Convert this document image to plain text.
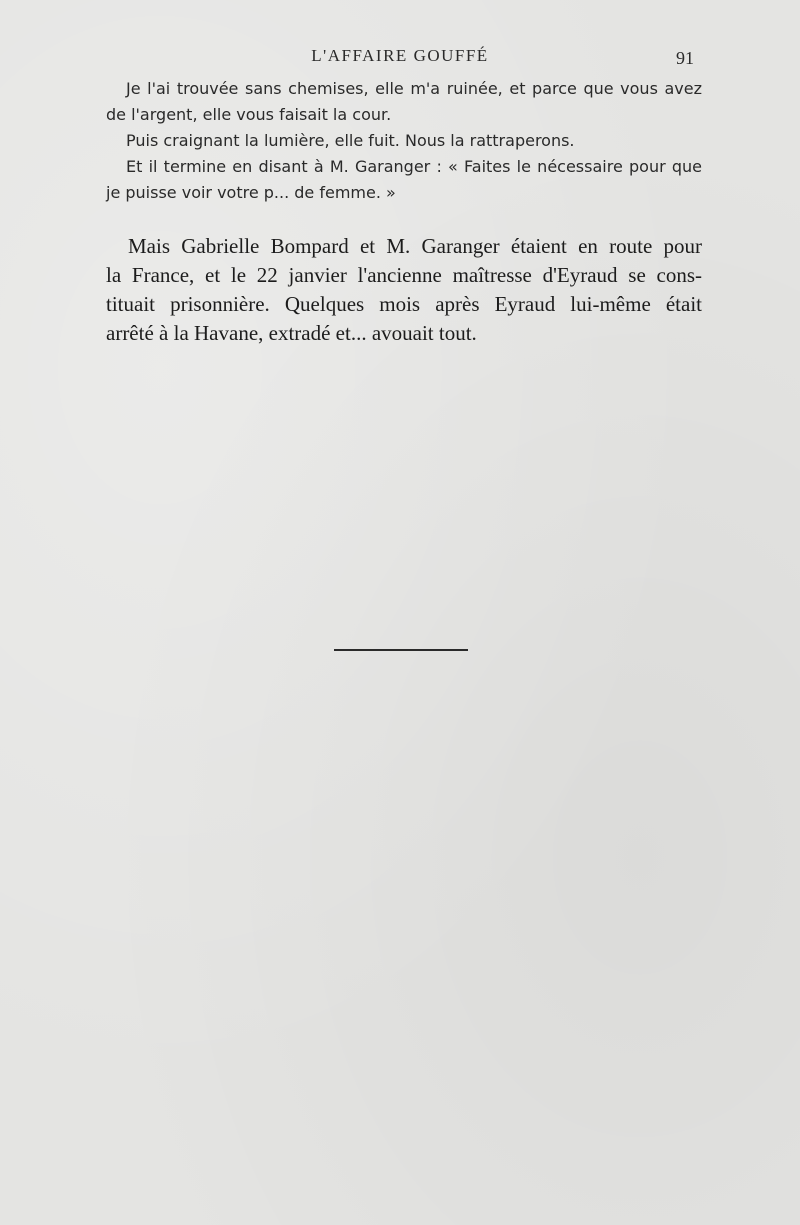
L'AFFAIRE GOUFFÉ	91

Je l'ai trouvée sans chemises, elle m'a ruinée, et parce que vous avez

de l'argent, elle vous faisait la cour.

Puis craignant la lumière, elle fuit. Nous la rattraperons.

Et il termine en disant à M. Garanger : « Faites le nécessaire pour que

je puisse voir votre p... de femme. »

Mais Gabrielle Bompard et M. Garanger étaient en route pour
la France, et le 22 janvier l'ancienne maîtresse d'Eyraud se cons-
tituait prisonnière. Quelques mois après Eyraud lui-même était
arrêté à la Havane, extradé et... avouait tout.
